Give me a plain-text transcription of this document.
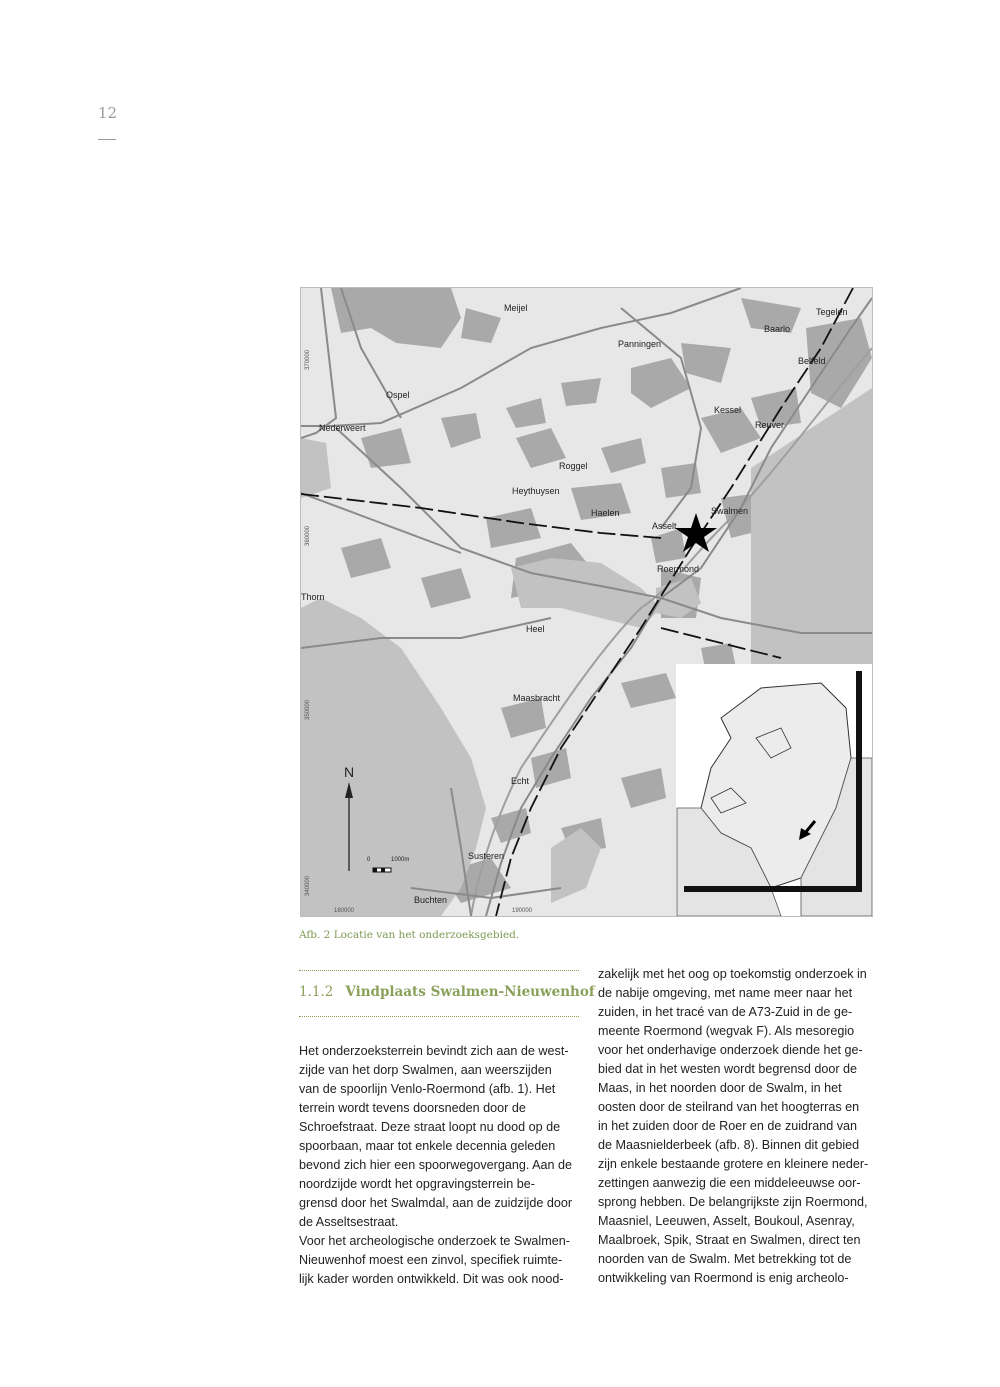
12
Meijel	Tegelen
Baarlo
Panningen
Belfeld
Ospel
Kessel
Reuver
Nederweert
Roggel
Heythuysen
Haelen	Swalmen
Asselt
Roermond
Heel
Maasbracht
Echt
Susteren
Buchten
Thorn
370000
360000
350000
340000
180000	190000
N
0	1000m
Afb. 2 Locatie van het onderzoeksgebied.
1.1.2 Vindplaats Swalmen-Nieuwenhof

Het onderzoeksterrein bevindt zich aan de west-

zijde van het dorp Swalmen, aan weerszijden

van de spoorlijn Venlo-Roermond (afb. 1). Het

terrein wordt tevens doorsneden door de

Schroefstraat. Deze straat loopt nu dood op de

spoorbaan, maar tot enkele decennia geleden

bevond zich hier een spoorwegovergang. Aan de

noordzijde wordt het opgravingsterrein be-

grensd door het Swalmdal, aan de zuidzijde door

de Asseltsestraat.

Voor het archeologische onderzoek te Swalmen-

Nieuwenhof moest een zinvol, specifiek ruimte-

lijk kader worden ontwikkeld. Dit was ook nood-

zakelijk met het oog op toekomstig onderzoek in

de nabije omgeving, met name meer naar het

zuiden, in het tracé van de A73-Zuid in de ge-

meente Roermond (wegvak F). Als mesoregio

voor het onderhavige onderzoek diende het ge-

bied dat in het westen wordt begrensd door de

Maas, in het noorden door de Swalm, in het

oosten door de steilrand van het hoogterras en

in het zuiden door de Roer en de zuidrand van

de Maasnielderbeek (afb. 8). Binnen dit gebied

zijn enkele bestaande grotere en kleinere neder-

zettingen aanwezig die een middeleeuwse oor-

sprong hebben. De belangrijkste zijn Roermond,

Maasniel, Leeuwen, Asselt, Boukoul, Asenray,

Maalbroek, Spik, Straat en Swalmen, direct ten

noorden van de Swalm. Met betrekking tot de

ontwikkeling van Roermond is enig archeolo-
